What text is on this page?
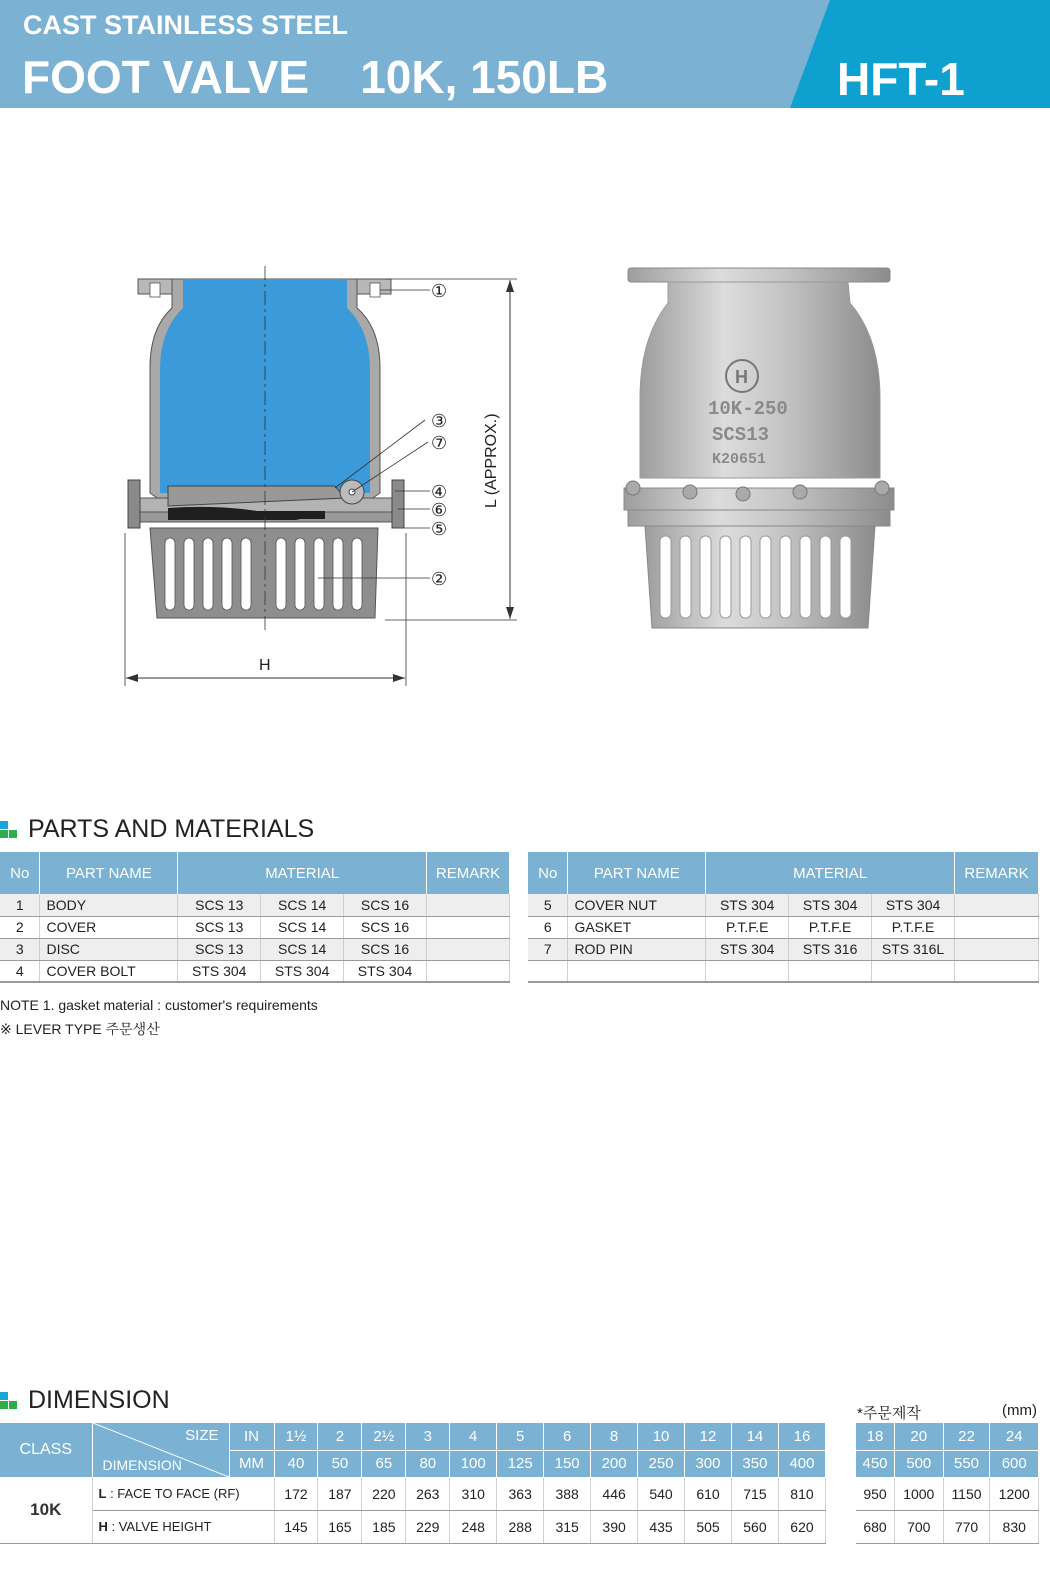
CAST STAINLESS STEEL
FOOT VALVE    10K, 150LB	HFT-1
①
③
⑦
④
⑥
⑤
②
L (APPROX.)
H
H
10K-250
SCS13
K20651
PARTS AND MATERIALS
No	PART NAME	MATERIAL			REMARK
1	BODY	SCS 13	SCS 14	SCS 16	
2	COVER	SCS 13	SCS 14	SCS 16	
3	DISC	SCS 13	SCS 14	SCS 16	
4	COVER BOLT	STS 304	STS 304	STS 304	
No	PART NAME	MATERIAL			REMARK
5	COVER NUT	STS 304	STS 304	STS 304	
6	GASKET	P.T.F.E	P.T.F.E	P.T.F.E	
7	ROD PIN	STS 304	STS 316	STS 316L	

NOTE 1. gasket material : customer's requirements
※ LEVER TYPE 주문생산
DIMENSION	*주문제작	(mm)
CLASS	SIZE
DIMENSION	IN	1½	2	2½	3	4	5	6	8	10	12	14	16
		MM	40	50	65	80	100	125	150	200	250	300	350	400
10K	L : FACE TO FACE (RF)		172	187	220	263	310	363	388	446	540	610	715	810
	H : VALVE HEIGHT		145	165	185	229	248	288	315	390	435	505	560	620
18	20	22	24
450	500	550	600
950	1000	1150	1200
680	700	770	830
